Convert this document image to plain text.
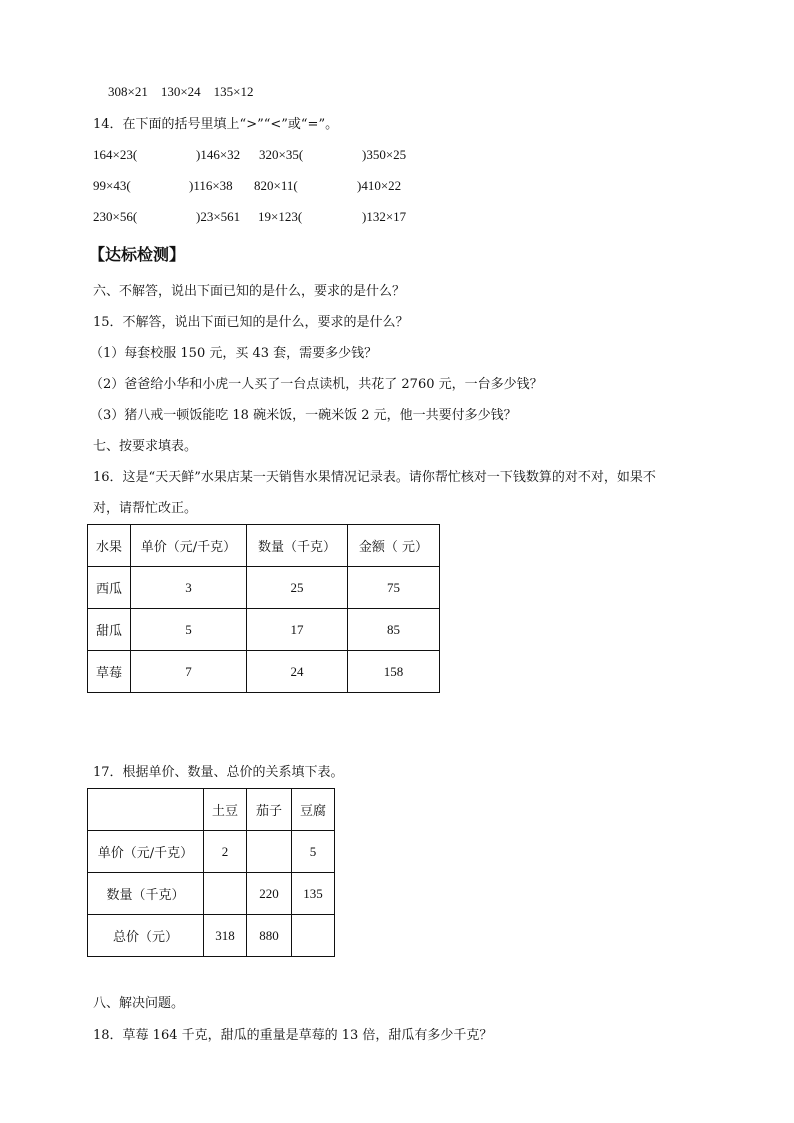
308×21    130×24    135×12
14．在下面的括号里填上“>”“<”或“=”。
164×23(	)146×32 320×35(	)350×25
99×43(	)116×38 820×11(	)410×22
230×56(	)23×561 19×123(	)132×17
【达标检测】
六、不解答，说出下面已知的是什么，要求的是什么？
15．不解答，说出下面已知的是什么，要求的是什么？
（1）每套校服 150 元，买 43 套，需要多少钱？
（2）爸爸给小华和小虎一人买了一台点读机，共花了 2760 元，一台多少钱？
（3）猪八戒一顿饭能吃 18 碗米饭，一碗米饭 2 元，他一共要付多少钱？
七、按要求填表。
16．这是“天天鲜”水果店某一天销售水果情况记录表。请你帮忙核对一下钱数算的对不对，如果不
对，请帮忙改正。
水果	单价（元/千克）	数量（千克）	金额（ 元）
西瓜	3	25	75
甜瓜	5	17	85
草莓	7	24	158
17．根据单价、数量、总价的关系填下表。
	土豆	茄子	豆腐
单价（元/千克）	2		5
数量（千克）		220	135
总价（元）	318	880	
八、解决问题。
18．草莓 164 千克，甜瓜的重量是草莓的 13 倍，甜瓜有多少千克？
